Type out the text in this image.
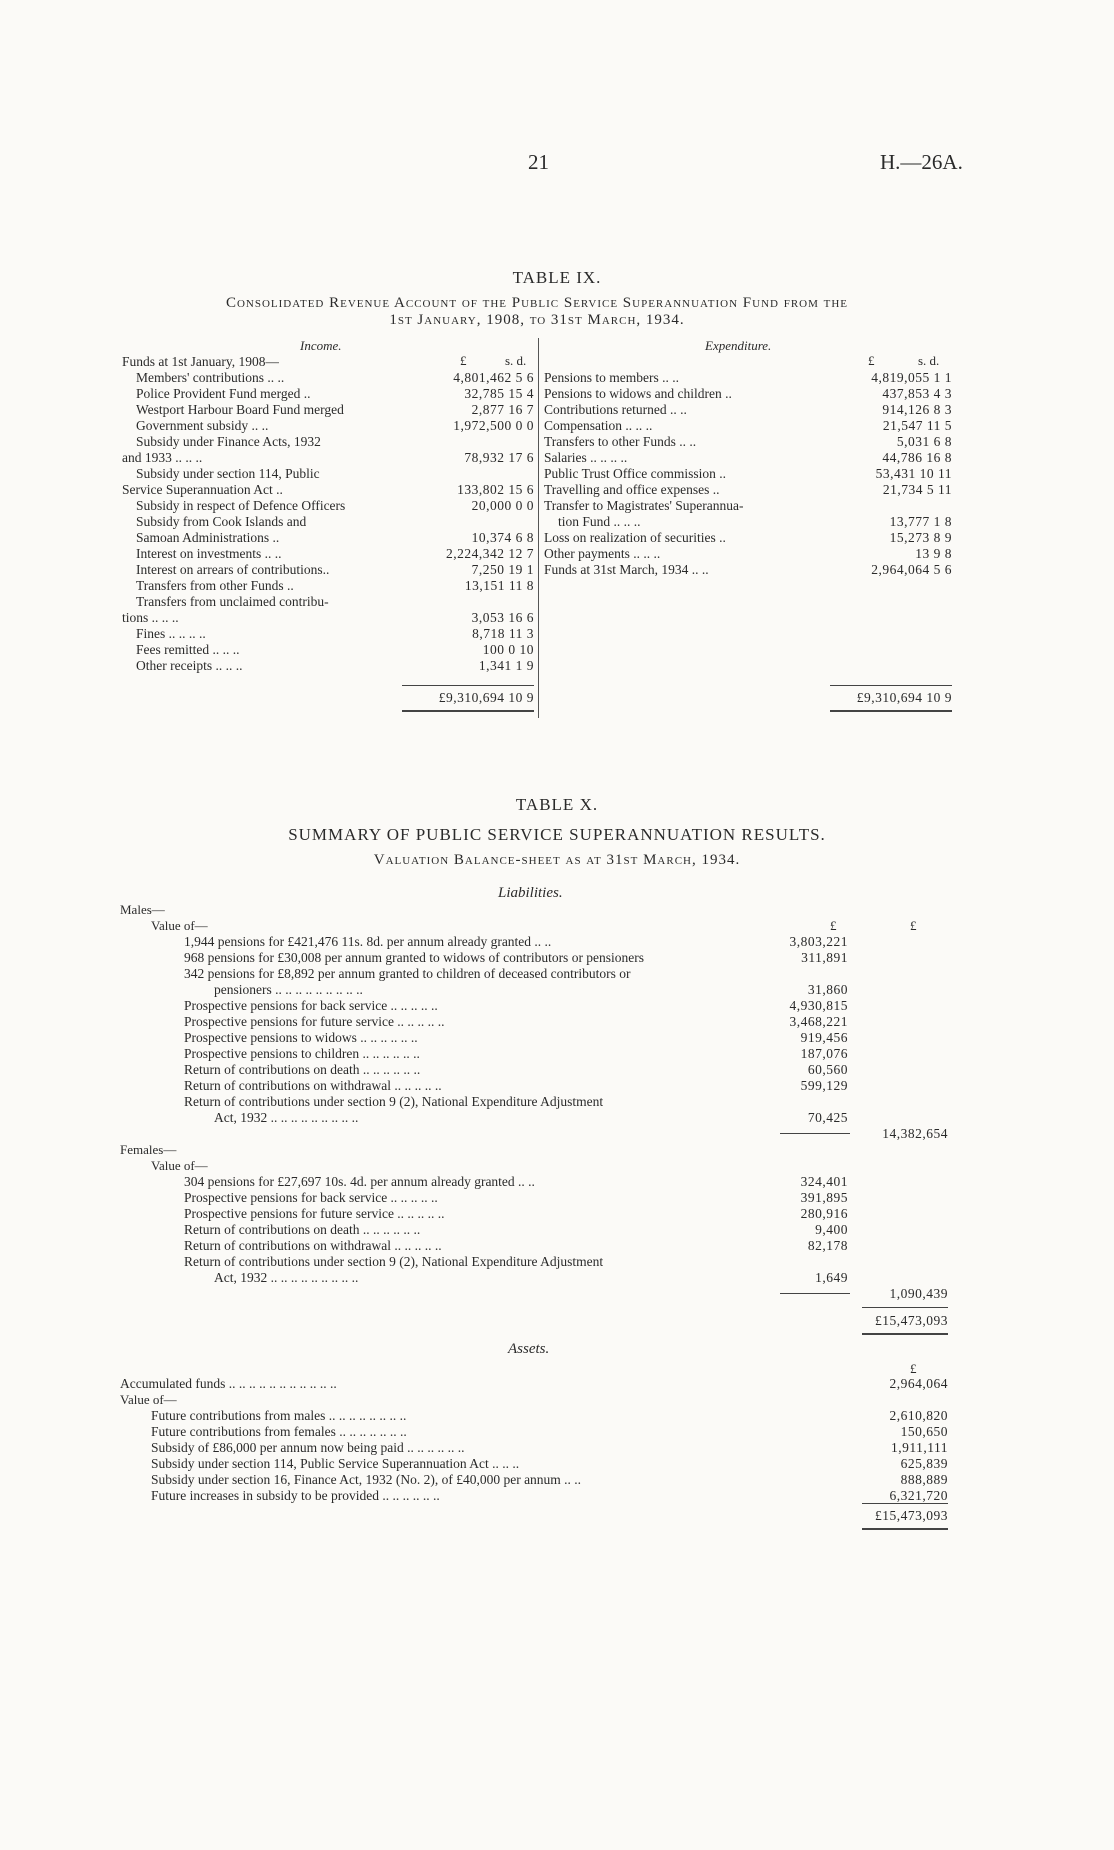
21	H.—26A.
TABLE IX.
Consolidated Revenue Account of the Public Service Superannuation Fund from the
1st January, 1908, to 31st March, 1934.
Income.	Expenditure.
£	s. d.	£	s. d.
Funds at 1st January, 1908—
Members' contributions .. ..	4,801,462 5 6
Police Provident Fund merged ..	32,785 15 4
Westport Harbour Board Fund merged	2,877 16 7
Government subsidy .. ..	1,972,500 0 0
Subsidy under Finance Acts, 1932
and 1933 .. .. ..	78,932 17 6
Subsidy under section 114, Public
Service Superannuation Act ..	133,802 15 6
Subsidy in respect of Defence Officers	20,000 0 0
Subsidy from Cook Islands and
Samoan Administrations ..	10,374 6 8
Interest on investments .. ..	2,224,342 12 7
Interest on arrears of contributions..	7,250 19 1
Transfers from other Funds ..	13,151 11 8
Transfers from unclaimed contribu-
tions .. .. ..	3,053 16 6
Fines .. .. .. ..	8,718 11 3
Fees remitted .. .. ..	100 0 10
Other receipts .. .. ..	1,341 1 9
Pensions to members .. ..	4,819,055 1 1
Pensions to widows and children ..	437,853 4 3
Contributions returned .. ..	914,126 8 3
Compensation .. .. ..	21,547 11 5
Transfers to other Funds .. ..	5,031 6 8
Salaries .. .. .. ..	44,786 16 8
Public Trust Office commission ..	53,431 10 11
Travelling and office expenses ..	21,734 5 11
Transfer to Magistrates' Superannua-
tion Fund .. .. ..	13,777 1 8
Loss on realization of securities ..	15,273 8 9
Other payments .. .. ..	13 9 8
Funds at 31st March, 1934 .. ..	2,964,064 5 6
£9,310,694 10 9	£9,310,694 10 9
TABLE X.
SUMMARY OF PUBLIC SERVICE SUPERANNUATION RESULTS.
Valuation Balance-sheet as at 31st March, 1934.
Liabilities.
Males—
Value of—	£	£
1,944 pensions for £421,476 11s. 8d. per annum already granted .. ..	3,803,221
968 pensions for £30,008 per annum granted to widows of contributors or pensioners	311,891
342 pensions for £8,892 per annum granted to children of deceased contributors or
pensioners .. .. .. .. .. .. .. .. ..	31,860
Prospective pensions for back service .. .. .. .. ..	4,930,815
Prospective pensions for future service .. .. .. .. ..	3,468,221
Prospective pensions to widows .. .. .. .. .. ..	919,456
Prospective pensions to children .. .. .. .. .. ..	187,076
Return of contributions on death .. .. .. .. .. ..	60,560
Return of contributions on withdrawal .. .. .. .. ..	599,129
Return of contributions under section 9 (2), National Expenditure Adjustment
Act, 1932 .. .. .. .. .. .. .. .. ..	70,425
14,382,654
Females—
Value of—
304 pensions for £27,697 10s. 4d. per annum already granted .. ..	324,401
Prospective pensions for back service .. .. .. .. ..	391,895
Prospective pensions for future service .. .. .. .. ..	280,916
Return of contributions on death .. .. .. .. .. ..	9,400
Return of contributions on withdrawal .. .. .. .. ..	82,178
Return of contributions under section 9 (2), National Expenditure Adjustment
Act, 1932 .. .. .. .. .. .. .. .. ..	1,649
1,090,439
£15,473,093
Assets.
£
Accumulated funds .. .. .. .. .. .. .. .. .. .. ..	2,964,064
Value of—
Future contributions from males .. .. .. .. .. .. .. ..	2,610,820
Future contributions from females .. .. .. .. .. .. ..	150,650
Subsidy of £86,000 per annum now being paid .. .. .. .. .. ..	1,911,111
Subsidy under section 114, Public Service Superannuation Act .. .. ..	625,839
Subsidy under section 16, Finance Act, 1932 (No. 2), of £40,000 per annum .. ..	888,889
Future increases in subsidy to be provided .. .. .. .. .. ..	6,321,720
£15,473,093
